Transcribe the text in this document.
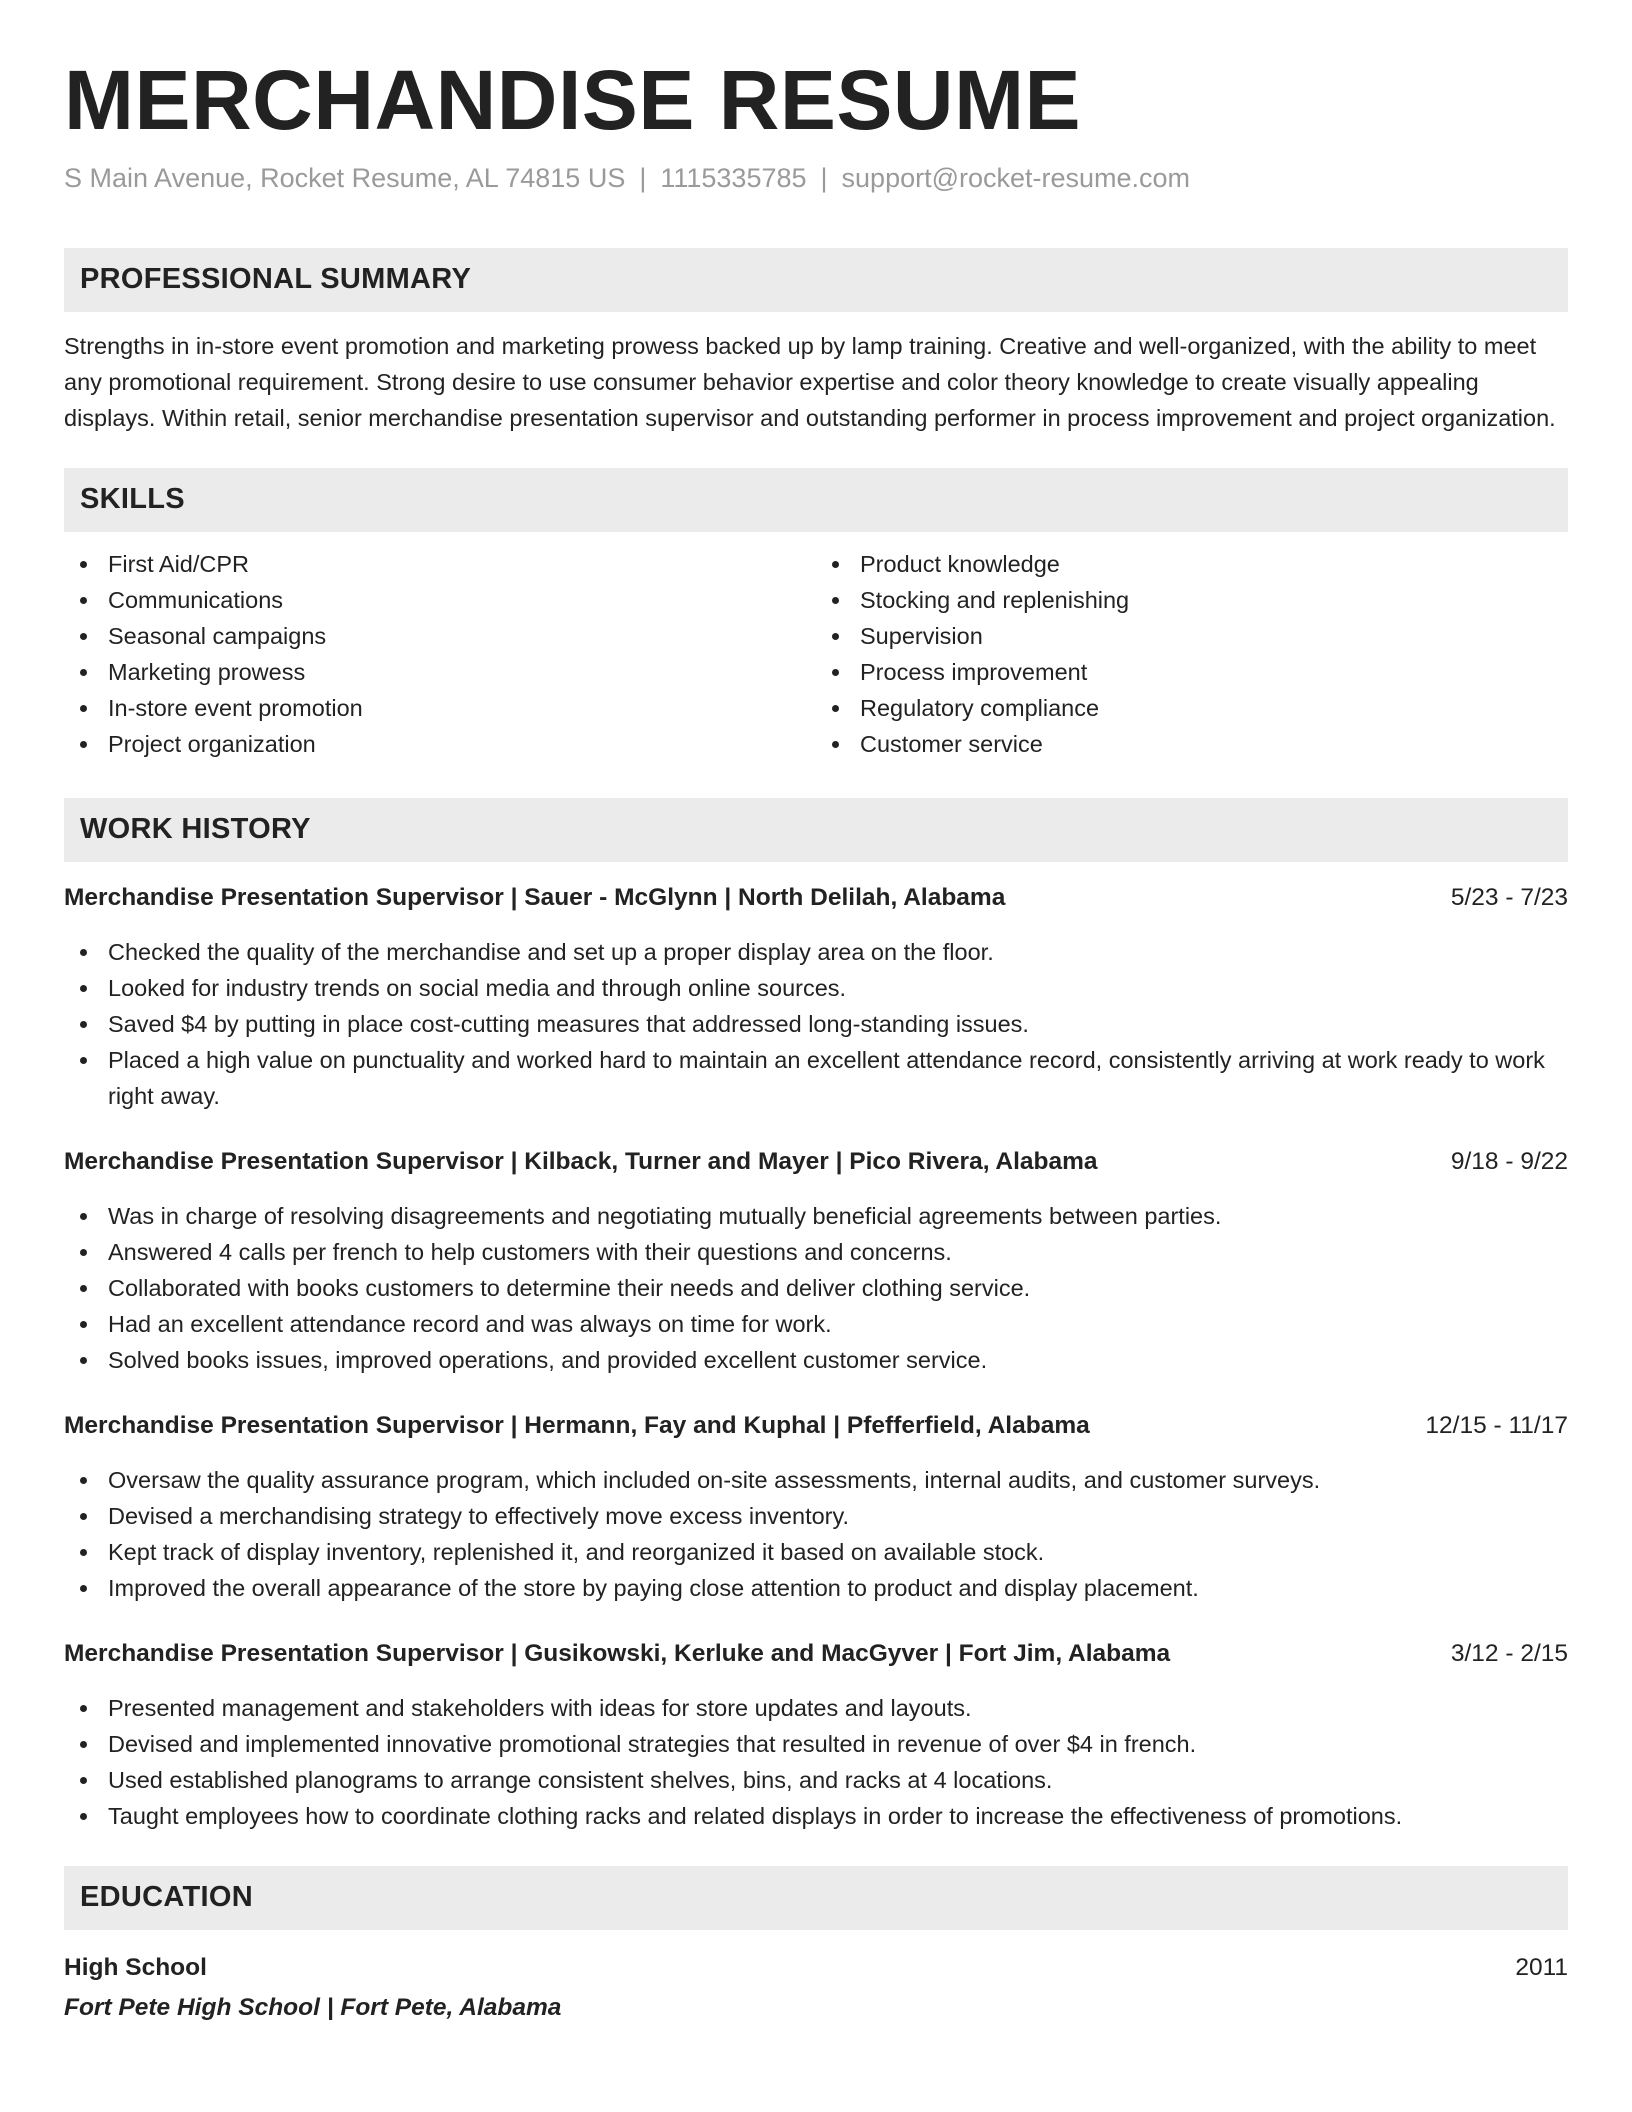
MERCHANDISE RESUME
S Main Avenue, Rocket Resume, AL 74815 US | 1115335785 | support@rocket-resume.com
PROFESSIONAL SUMMARY

Strengths in in-store event promotion and marketing prowess backed up by lamp training. Creative and well-organized, with the ability to meet any promotional requirement. Strong desire to use consumer behavior expertise and color theory knowledge to create visually appealing displays. Within retail, senior merchandise presentation supervisor and outstanding performer in process improvement and project organization.

SKILLS
First Aid/CPR
Communications
Seasonal campaigns
Marketing prowess
In-store event promotion
Project organization
Product knowledge
Stocking and replenishing
Supervision
Process improvement
Regulatory compliance
Customer service
WORK HISTORY
Merchandise Presentation Supervisor | Sauer - McGlynn | North Delilah, Alabama	5/23 - 7/23
Checked the quality of the merchandise and set up a proper display area on the floor.
Looked for industry trends on social media and through online sources.
Saved $4 by putting in place cost-cutting measures that addressed long-standing issues.
Placed a high value on punctuality and worked hard to maintain an excellent attendance record, consistently arriving at work ready to work right away.
Merchandise Presentation Supervisor | Kilback, Turner and Mayer | Pico Rivera, Alabama	9/18 - 9/22
Was in charge of resolving disagreements and negotiating mutually beneficial agreements between parties.
Answered 4 calls per french to help customers with their questions and concerns.
Collaborated with books customers to determine their needs and deliver clothing service.
Had an excellent attendance record and was always on time for work.
Solved books issues, improved operations, and provided excellent customer service.
Merchandise Presentation Supervisor | Hermann, Fay and Kuphal | Pfefferfield, Alabama	12/15 - 11/17
Oversaw the quality assurance program, which included on-site assessments, internal audits, and customer surveys.
Devised a merchandising strategy to effectively move excess inventory.
Kept track of display inventory, replenished it, and reorganized it based on available stock.
Improved the overall appearance of the store by paying close attention to product and display placement.
Merchandise Presentation Supervisor | Gusikowski, Kerluke and MacGyver | Fort Jim, Alabama	3/12 - 2/15
Presented management and stakeholders with ideas for store updates and layouts.
Devised and implemented innovative promotional strategies that resulted in revenue of over $4 in french.
Used established planograms to arrange consistent shelves, bins, and racks at 4 locations.
Taught employees how to coordinate clothing racks and related displays in order to increase the effectiveness of promotions.
EDUCATION
High School	2011
Fort Pete High School | Fort Pete, Alabama
